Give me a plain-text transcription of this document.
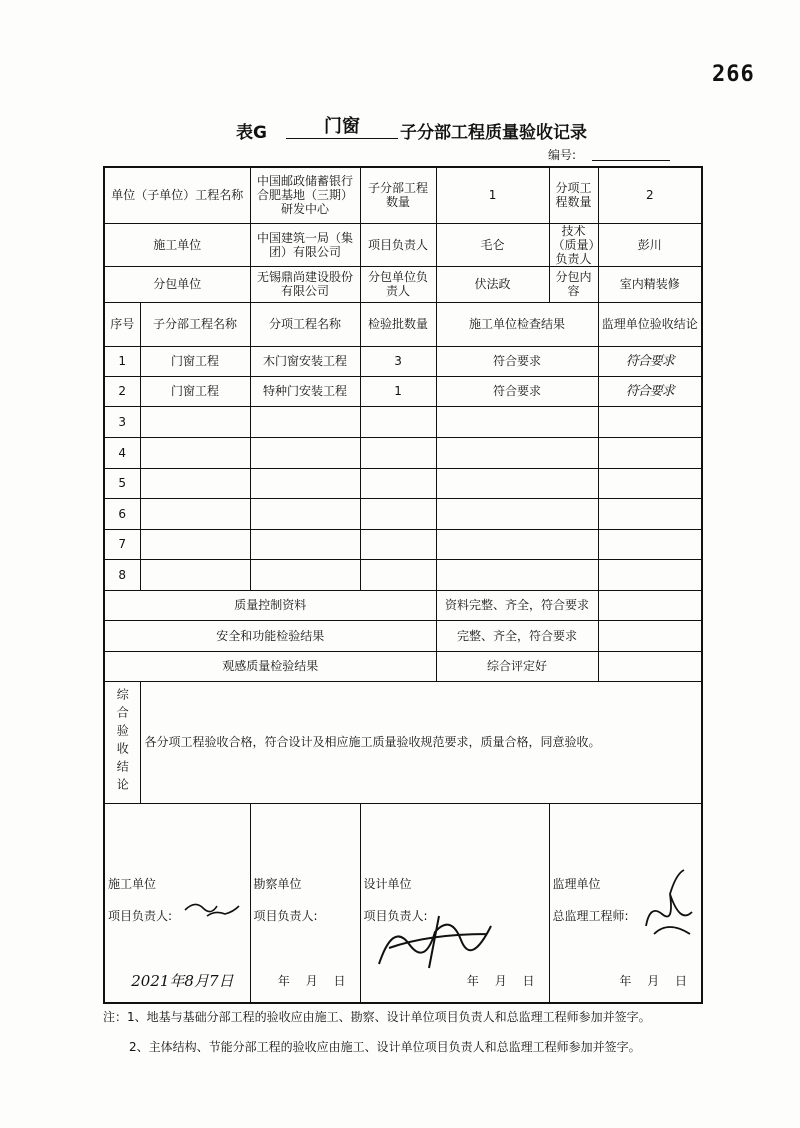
266
表G	门窗	子分部工程质量验收记录
编号:
单位（子单位）工程名称		中国邮政储蓄银行合肥基地（三期）研发中心	子分部工程数量	1	分项工程数量	2
施工单位		中国建筑一局（集团）有限公司	项目负责人	毛仑	技术（质量）负责人	彭川
分包单位		无锡鼎尚建设股份有限公司	分包单位负责人	伏法政	分包内容	室内精装修
序号	子分部工程名称	分项工程名称	检验批数量	施工单位检查结果		监理单位验收结论
1	门窗工程	木门窗安装工程	3	符合要求		符合要求
2	门窗工程	特种门安装工程	1	符合要求		符合要求
3						
4						
5						
6						
7						
8						
质量控制资料				资料完整、齐全，符合要求		
安全和功能检验结果				完整、齐全，符合要求		
观感质量检验结果				综合评定好		

综合验收结论	各分项工程验收合格，符合设计及相应施工质量验收规范要求，质量合格，同意验收。					

施工单位
项目负责人:
2021年8月7日		勘察单位
项目负责人:
年 月 日	设计单位
项目负责人:
年 月 日		监理单位
总监理工程师:
年 月 日	
注：1、地基与基础分部工程的验收应由施工、勘察、设计单位项目负责人和总监理工程师参加并签字。
2、主体结构、节能分部工程的验收应由施工、设计单位项目负责人和总监理工程师参加并签字。
